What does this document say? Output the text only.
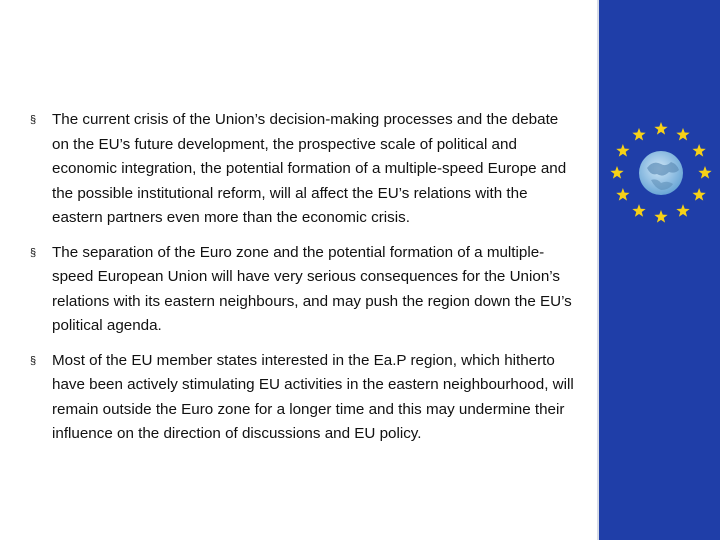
§ The current crisis of the Union’s decision-making processes and the debate on the EU’s future development, the prospective scale of political and economic integration, the potential formation of a multiple-speed Europe and the possible institutional reform, will al affect the EU’s relations with the eastern partners even more than the economic crisis.
§ The separation of the Euro zone and the potential formation of a multiple-speed European Union will have very serious consequences for the Union’s relations with its eastern neighbours, and may push the region down the EU’s political agenda.
§ Most of the EU member states interested in the Ea.P region, which hitherto have been actively stimulating EU activities in the eastern neighbourhood, will remain outside the Euro zone for a longer time and this may undermine their influence on the direction of discussions and EU policy.
